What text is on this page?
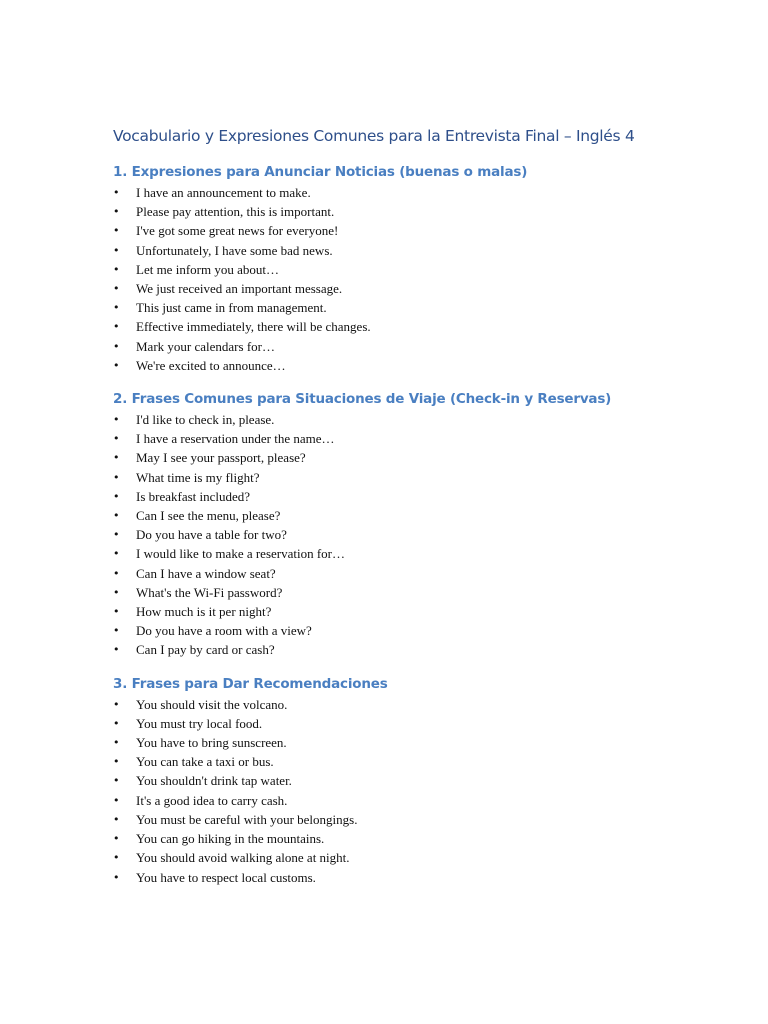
Vocabulario y Expresiones Comunes para la Entrevista Final – Inglés 4
1. Expresiones para Anunciar Noticias (buenas o malas)
• I have an announcement to make.
• Please pay attention, this is important.
• I've got some great news for everyone!
• Unfortunately, I have some bad news.
• Let me inform you about…
• We just received an important message.
• This just came in from management.
• Effective immediately, there will be changes.
• Mark your calendars for…
• We're excited to announce…
2. Frases Comunes para Situaciones de Viaje (Check-in y Reservas)
• I'd like to check in, please.
• I have a reservation under the name…
• May I see your passport, please?
• What time is my flight?
• Is breakfast included?
• Can I see the menu, please?
• Do you have a table for two?
• I would like to make a reservation for…
• Can I have a window seat?
• What's the Wi-Fi password?
• How much is it per night?
• Do you have a room with a view?
• Can I pay by card or cash?
3. Frases para Dar Recomendaciones
• You should visit the volcano.
• You must try local food.
• You have to bring sunscreen.
• You can take a taxi or bus.
• You shouldn't drink tap water.
• It's a good idea to carry cash.
• You must be careful with your belongings.
• You can go hiking in the mountains.
• You should avoid walking alone at night.
• You have to respect local customs.
